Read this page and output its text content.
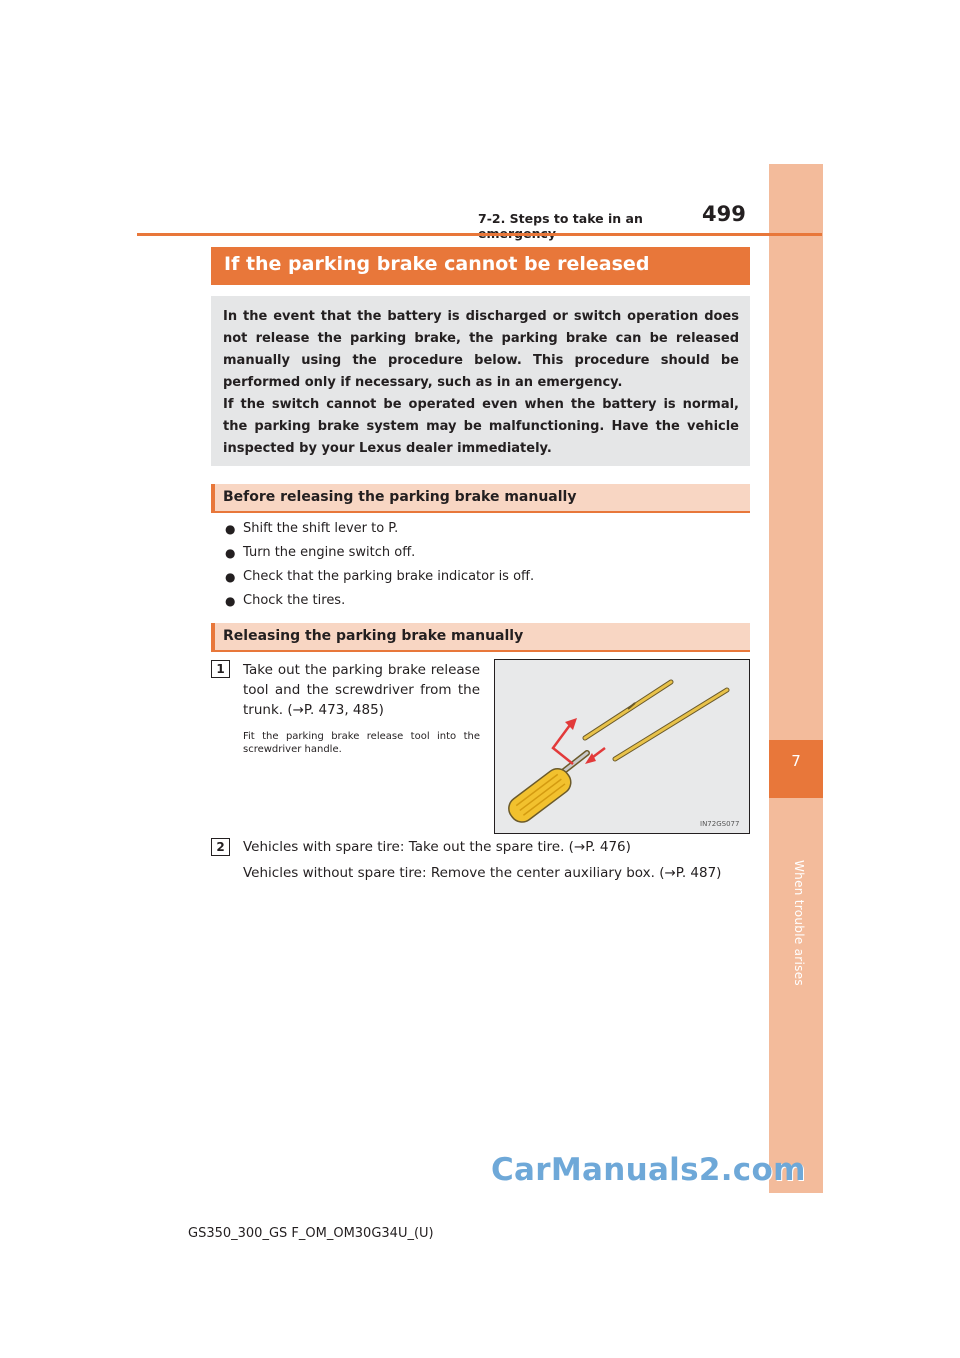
7
When trouble arises
7-2. Steps to take in an	499
If the parking brake cannot be released

In the event that the battery is discharged or switch operation does not release the parking brake, the parking brake can be released manually using the procedure below. This procedure should be performed only if necessary, such as in an emergency.

If the switch cannot be operated even when the battery is normal, the parking brake system may be malfunctioning. Have the vehicle inspected by your Lexus dealer immediately.

Before releasing the parking brake manually
● Shift the shift lever to P.
● Turn the engine switch off.
● Check that the parking brake indicator is off.
● Chock the tires.
Releasing the parking brake manually
1	Take out the parking brake release tool and the screwdriver from the trunk. (→P. 473, 485)
Fit the parking brake release tool into the screwdriver handle.
IN72GS077
2	Vehicles with spare tire: Take out the spare tire. (→P. 476)
Vehicles without spare tire: Remove the center auxiliary box. (→P. 487)
CarManuals2.com
GS350_300_GS F_OM_OM30G34U_(U)
